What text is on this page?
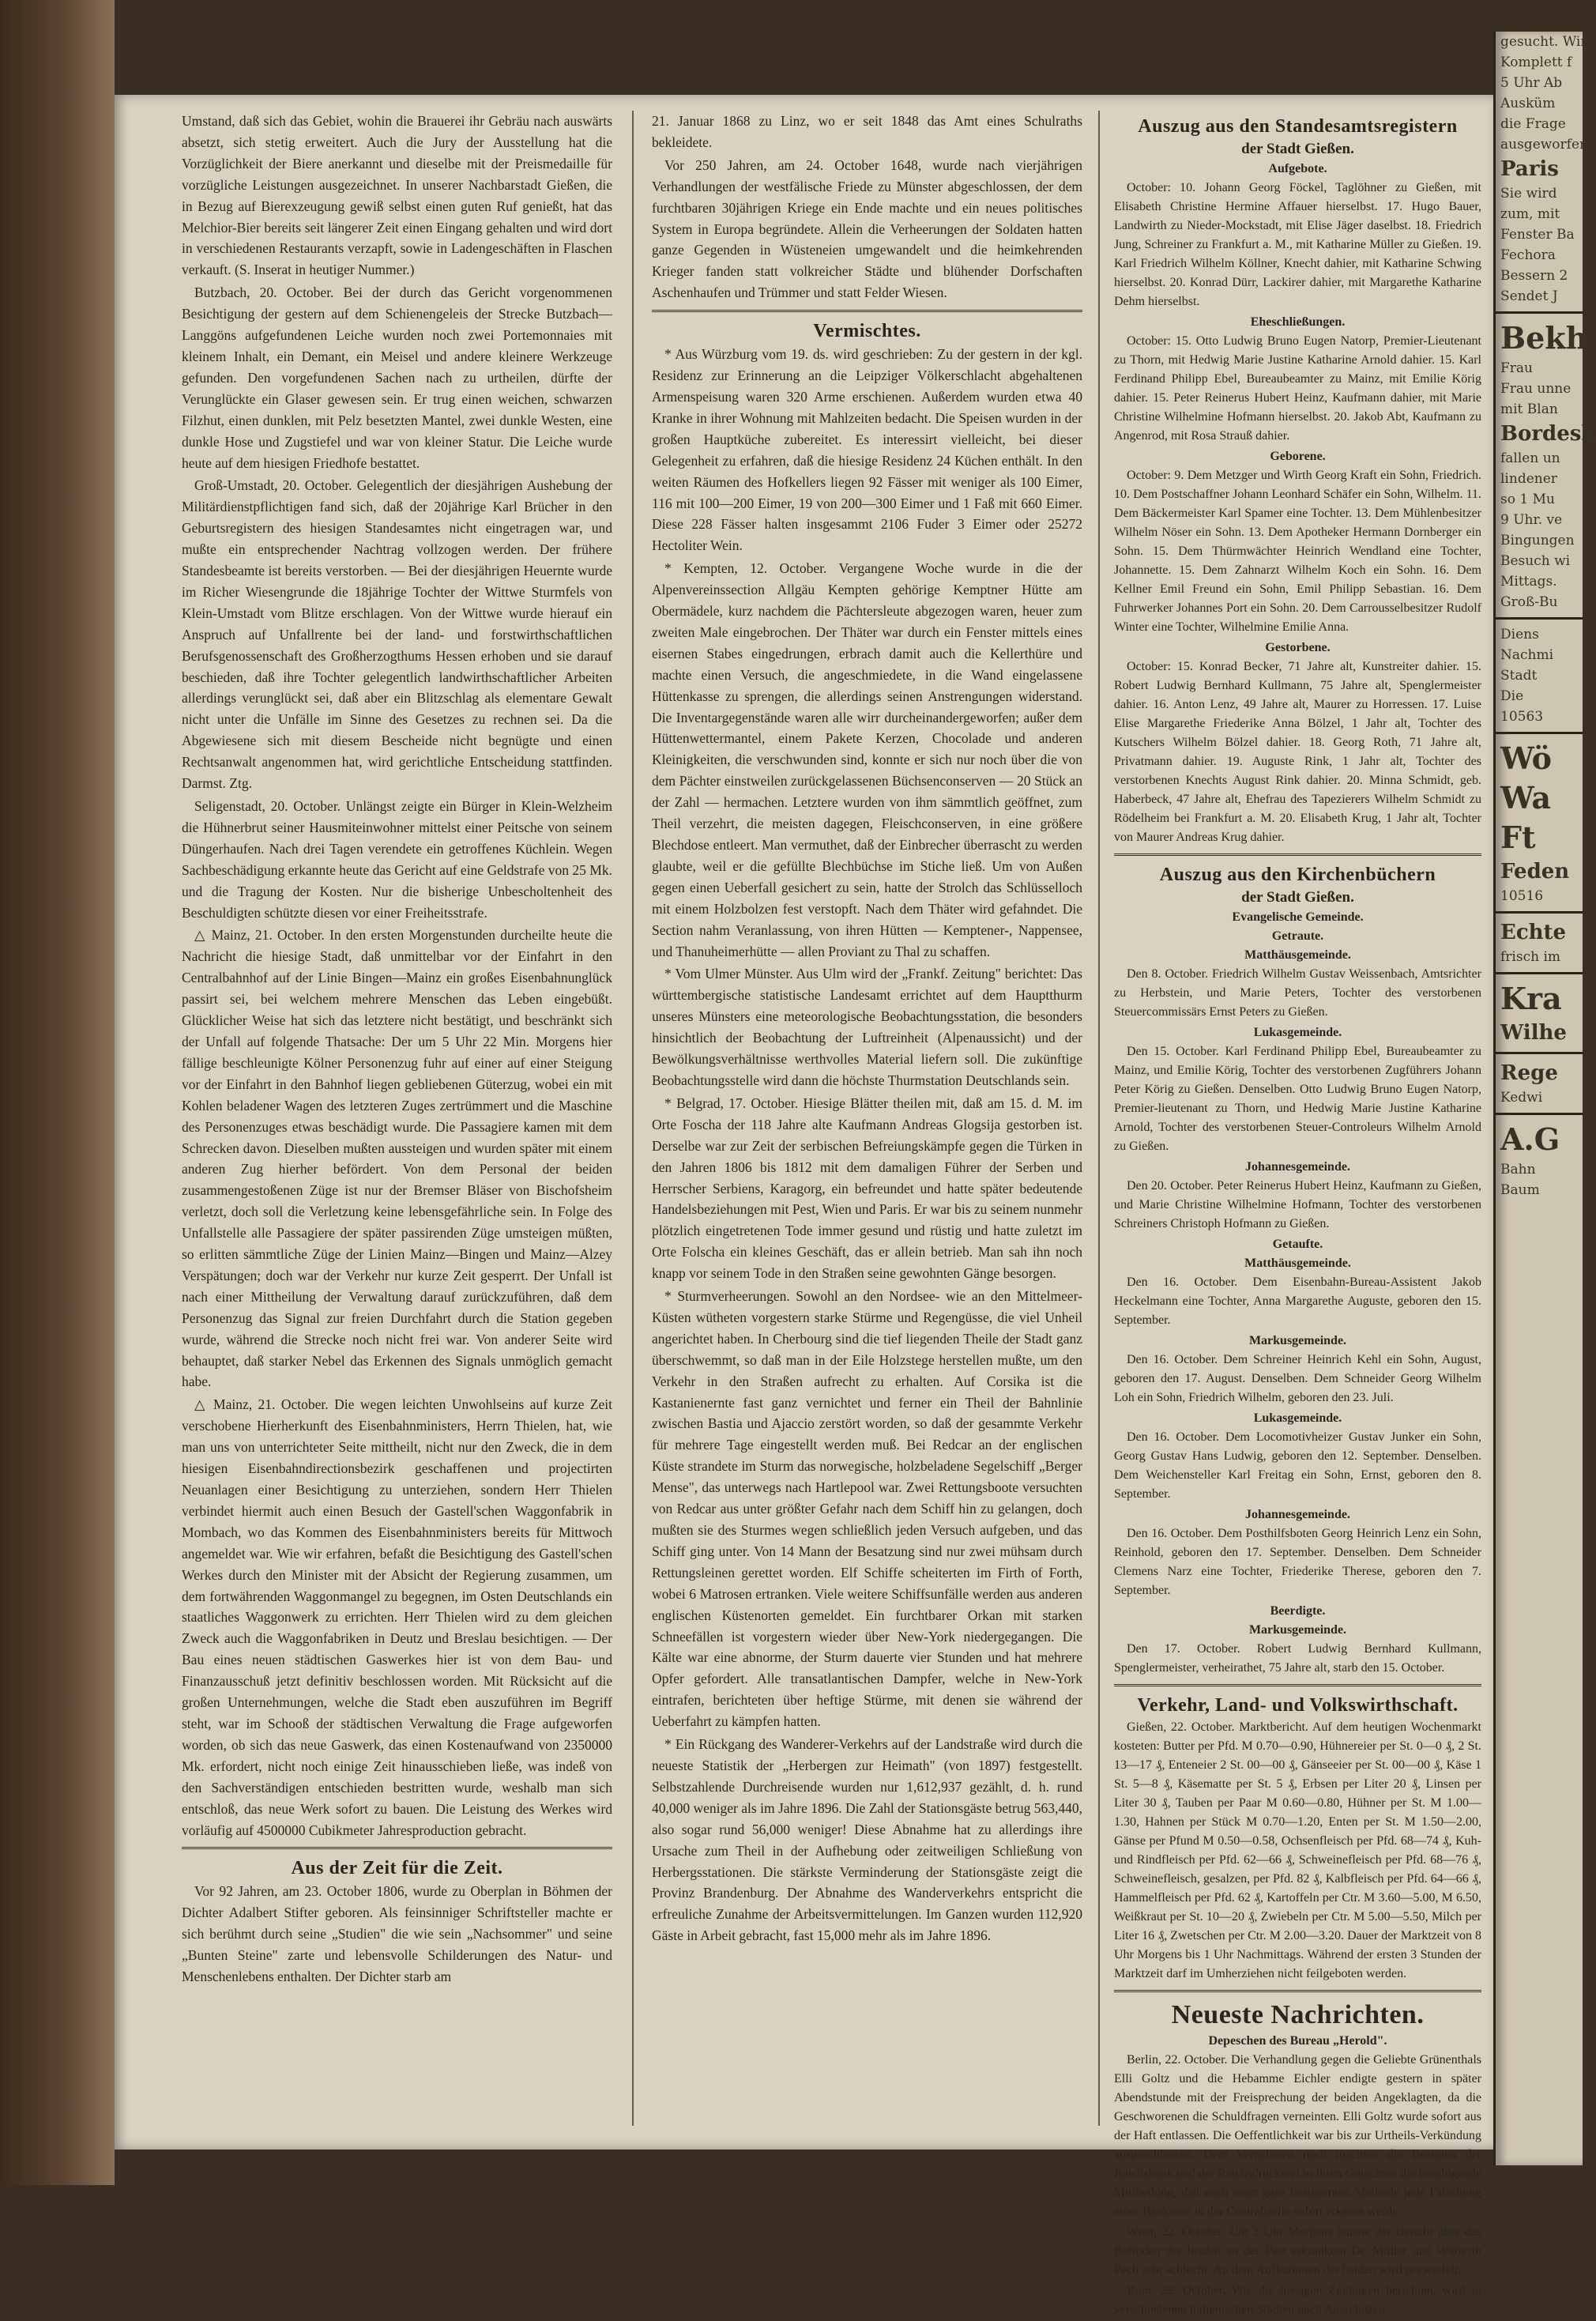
Umstand, daß sich das Gebiet, wohin die Brauerei ihr Gebräu nach auswärts absetzt, sich stetig erweitert. Auch die Jury der Ausstellung hat die Vorzüglichkeit der Biere anerkannt und dieselbe mit der Preismedaille für vorzügliche Leistungen ausgezeichnet. In unserer Nachbarstadt Gießen, die in Bezug auf Bierexzeugung gewiß selbst einen guten Ruf genießt, hat das Melchior-Bier bereits seit längerer Zeit einen Eingang gehalten und wird dort in verschiedenen Restaurants verzapft, sowie in Ladengeschäften in Flaschen verkauft. (S. Inserat in heutiger Nummer.)

Butzbach, 20. October. Bei der durch das Gericht vorgenommenen Besichtigung der gestern auf dem Schienengeleis der Strecke Butzbach—Langgöns aufgefundenen Leiche wurden noch zwei Portemonnaies mit kleinem Inhalt, ein Demant, ein Meisel und andere kleinere Werkzeuge gefunden. Den vorgefundenen Sachen nach zu urtheilen, dürfte der Verunglückte ein Glaser gewesen sein. Er trug einen weichen, schwarzen Filzhut, einen dunklen, mit Pelz besetzten Mantel, zwei dunkle Westen, eine dunkle Hose und Zugstiefel und war von kleiner Statur. Die Leiche wurde heute auf dem hiesigen Friedhofe bestattet.

Groß-Umstadt, 20. October. Gelegentlich der diesjährigen Aushebung der Militärdienstpflichtigen fand sich, daß der 20jährige Karl Brücher in den Geburtsregistern des hiesigen Standesamtes nicht eingetragen war, und mußte ein entsprechender Nachtrag vollzogen werden. Der frühere Standesbeamte ist bereits verstorben. — Bei der diesjährigen Heuernte wurde im Richer Wiesengrunde die 18jährige Tochter der Wittwe Sturmfels von Klein-Umstadt vom Blitze erschlagen. Von der Wittwe wurde hierauf ein Anspruch auf Unfallrente bei der land- und forstwirthschaftlichen Berufsgenossenschaft des Großherzogthums Hessen erhoben und sie darauf beschieden, daß ihre Tochter gelegentlich landwirthschaftlicher Arbeiten allerdings verunglückt sei, daß aber ein Blitzschlag als elementare Gewalt nicht unter die Unfälle im Sinne des Gesetzes zu rechnen sei. Da die Abgewiesene sich mit diesem Bescheide nicht begnügte und einen Rechtsanwalt angenommen hat, wird gerichtliche Entscheidung stattfinden. Darmst. Ztg.

Seligenstadt, 20. October. Unlängst zeigte ein Bürger in Klein-Welzheim die Hühnerbrut seiner Hausmiteinwohner mittelst einer Peitsche von seinem Düngerhaufen. Nach drei Tagen verendete ein getroffenes Küchlein. Wegen Sachbeschädigung erkannte heute das Gericht auf eine Geldstrafe von 25 Mk. und die Tragung der Kosten. Nur die bisherige Unbescholtenheit des Beschuldigten schützte diesen vor einer Freiheitsstrafe.

△ Mainz, 21. October. In den ersten Morgenstunden durcheilte heute die Nachricht die hiesige Stadt, daß unmittelbar vor der Einfahrt in den Centralbahnhof auf der Linie Bingen—Mainz ein großes Eisenbahnunglück passirt sei, bei welchem mehrere Menschen das Leben eingebüßt. Glücklicher Weise hat sich das letztere nicht bestätigt, und beschränkt sich der Unfall auf folgende Thatsache: Der um 5 Uhr 22 Min. Morgens hier fällige beschleunigte Kölner Personenzug fuhr auf einer auf einer Steigung vor der Einfahrt in den Bahnhof liegen gebliebenen Güterzug, wobei ein mit Kohlen beladener Wagen des letzteren Zuges zertrümmert und die Maschine des Personenzuges etwas beschädigt wurde. Die Passagiere kamen mit dem Schrecken davon. Dieselben mußten aussteigen und wurden später mit einem anderen Zug hierher befördert. Von dem Personal der beiden zusammengestoßenen Züge ist nur der Bremser Bläser von Bischofsheim verletzt, doch soll die Verletzung keine lebensgefährliche sein. In Folge des Unfallstelle alle Passagiere der später passirenden Züge umsteigen müßten, so erlitten sämmtliche Züge der Linien Mainz—Bingen und Mainz—Alzey Verspätungen; doch war der Verkehr nur kurze Zeit gesperrt. Der Unfall ist nach einer Mittheilung der Verwaltung darauf zurückzuführen, daß dem Personenzug das Signal zur freien Durchfahrt durch die Station gegeben wurde, während die Strecke noch nicht frei war. Von anderer Seite wird behauptet, daß starker Nebel das Erkennen des Signals unmöglich gemacht habe.

△ Mainz, 21. October. Die wegen leichten Unwohlseins auf kurze Zeit verschobene Hierherkunft des Eisenbahnministers, Herrn Thielen, hat, wie man uns von unterrichteter Seite mittheilt, nicht nur den Zweck, die in dem hiesigen Eisenbahndirectionsbezirk geschaffenen und projectirten Neuanlagen einer Besichtigung zu unterziehen, sondern Herr Thielen verbindet hiermit auch einen Besuch der Gastell'schen Waggonfabrik in Mombach, wo das Kommen des Eisenbahnministers bereits für Mittwoch angemeldet war. Wie wir erfahren, befaßt die Besichtigung des Gastell'schen Werkes durch den Minister mit der Absicht der Regierung zusammen, um dem fortwährenden Waggonmangel zu begegnen, im Osten Deutschlands ein staatliches Waggonwerk zu errichten. Herr Thielen wird zu dem gleichen Zweck auch die Waggonfabriken in Deutz und Breslau besichtigen. — Der Bau eines neuen städtischen Gaswerkes hier ist von dem Bau- und Finanzausschuß jetzt definitiv beschlossen worden. Mit Rücksicht auf die großen Unternehmungen, welche die Stadt eben auszuführen im Begriff steht, war im Schooß der städtischen Verwaltung die Frage aufgeworfen worden, ob sich das neue Gaswerk, das einen Kostenaufwand von 2350000 Mk. erfordert, nicht noch einige Zeit hinausschieben ließe, was indeß von den Sachverständigen entschieden bestritten wurde, weshalb man sich entschloß, das neue Werk sofort zu bauen. Die Leistung des Werkes wird vorläufig auf 4500000 Cubikmeter Jahresproduction gebracht.

Aus der Zeit für die Zeit.

Vor 92 Jahren, am 23. October 1806, wurde zu Oberplan in Böhmen der Dichter Adalbert Stifter geboren. Als feinsinniger Schriftsteller machte er sich berühmt durch seine „Studien" die wie sein „Nachsommer" und seine „Bunten Steine" zarte und lebensvolle Schilderungen des Natur- und Menschenlebens enthalten. Der Dichter starb am

21. Januar 1868 zu Linz, wo er seit 1848 das Amt eines Schulraths bekleidete.

Vor 250 Jahren, am 24. October 1648, wurde nach vierjährigen Verhandlungen der westfälische Friede zu Münster abgeschlossen, der dem furchtbaren 30jährigen Kriege ein Ende machte und ein neues politisches System in Europa begründete. Allein die Verheerungen der Soldaten hatten ganze Gegenden in Wüsteneien umgewandelt und die heimkehrenden Krieger fanden statt volkreicher Städte und blühender Dorfschaften Aschenhaufen und Trümmer und statt Felder Wiesen.

Vermischtes.

* Aus Würzburg vom 19. ds. wird geschrieben: Zu der gestern in der kgl. Residenz zur Erinnerung an die Leipziger Völkerschlacht abgehaltenen Armenspeisung waren 320 Arme erschienen. Außerdem wurden etwa 40 Kranke in ihrer Wohnung mit Mahlzeiten bedacht. Die Speisen wurden in der großen Hauptküche zubereitet. Es interessirt vielleicht, bei dieser Gelegenheit zu erfahren, daß die hiesige Residenz 24 Küchen enthält. In den weiten Räumen des Hofkellers liegen 92 Fässer mit weniger als 100 Eimer, 116 mit 100—200 Eimer, 19 von 200—300 Eimer und 1 Faß mit 660 Eimer. Diese 228 Fässer halten insgesammt 2106 Fuder 3 Eimer oder 25272 Hectoliter Wein.

* Kempten, 12. October. Vergangene Woche wurde in die der Alpenvereinssection Allgäu Kempten gehörige Kemptner Hütte am Obermädele, kurz nachdem die Pächtersleute abgezogen waren, heuer zum zweiten Male eingebrochen. Der Thäter war durch ein Fenster mittels eines eisernen Stabes eingedrungen, erbrach damit auch die Kellerthüre und machte einen Versuch, die angeschmiedete, in die Wand eingelassene Hüttenkasse zu sprengen, die allerdings seinen Anstrengungen widerstand. Die Inventargegenstände waren alle wirr durcheinandergeworfen; außer dem Hüttenwettermantel, einem Pakete Kerzen, Chocolade und anderen Kleinigkeiten, die verschwunden sind, konnte er sich nur noch über die von dem Pächter einstweilen zurückgelassenen Büchsenconserven — 20 Stück an der Zahl — hermachen. Letztere wurden von ihm sämmtlich geöffnet, zum Theil verzehrt, die meisten dagegen, Fleischconserven, in eine größere Blechdose entleert. Man vermuthet, daß der Einbrecher überrascht zu werden glaubte, weil er die gefüllte Blechbüchse im Stiche ließ. Um von Außen gegen einen Ueberfall gesichert zu sein, hatte der Strolch das Schlüsselloch mit einem Holzbolzen fest verstopft. Nach dem Thäter wird gefahndet. Die Section nahm Veranlassung, von ihren Hütten — Kemptener-, Nappensee, und Thanuheimerhütte — allen Proviant zu Thal zu schaffen.

* Vom Ulmer Münster. Aus Ulm wird der „Frankf. Zeitung" berichtet: Das württembergische statistische Landesamt errichtet auf dem Hauptthurm unseres Münsters eine meteorologische Beobachtungsstation, die besonders hinsichtlich der Beobachtung der Luftreinheit (Alpenaussicht) und der Bewölkungsverhältnisse werthvolles Material liefern soll. Die zukünftige Beobachtungsstelle wird dann die höchste Thurmstation Deutschlands sein.

* Belgrad, 17. October. Hiesige Blätter theilen mit, daß am 15. d. M. im Orte Foscha der 118 Jahre alte Kaufmann Andreas Glogsija gestorben ist. Derselbe war zur Zeit der serbischen Befreiungskämpfe gegen die Türken in den Jahren 1806 bis 1812 mit dem damaligen Führer der Serben und Herrscher Serbiens, Karagorg, ein befreundet und hatte später bedeutende Handelsbeziehungen mit Pest, Wien und Paris. Er war bis zu seinem nunmehr plötzlich eingetretenen Tode immer gesund und rüstig und hatte zuletzt im Orte Folscha ein kleines Geschäft, das er allein betrieb. Man sah ihn noch knapp vor seinem Tode in den Straßen seine gewohnten Gänge besorgen.

* Sturmverheerungen. Sowohl an den Nordsee- wie an den Mittelmeer-Küsten wütheten vorgestern starke Stürme und Regengüsse, die viel Unheil angerichtet haben. In Cherbourg sind die tief liegenden Theile der Stadt ganz überschwemmt, so daß man in der Eile Holzstege herstellen mußte, um den Verkehr in den Straßen aufrecht zu erhalten. Auf Corsika ist die Kastanienernte fast ganz vernichtet und ferner ein Theil der Bahnlinie zwischen Bastia und Ajaccio zerstört worden, so daß der gesammte Verkehr für mehrere Tage eingestellt werden muß. Bei Redcar an der englischen Küste strandete im Sturm das norwegische, holzbeladene Segelschiff „Berger Mense", das unterwegs nach Hartlepool war. Zwei Rettungsboote versuchten von Redcar aus unter größter Gefahr nach dem Schiff hin zu gelangen, doch mußten sie des Sturmes wegen schließlich jeden Versuch aufgeben, und das Schiff ging unter. Von 14 Mann der Besatzung sind nur zwei mühsam durch Rettungsleinen gerettet worden. Elf Schiffe scheiterten im Firth of Forth, wobei 6 Matrosen ertranken. Viele weitere Schiffsunfälle werden aus anderen englischen Küstenorten gemeldet. Ein furchtbarer Orkan mit starken Schneefällen ist vorgestern wieder über New-York niedergegangen. Die Kälte war eine abnorme, der Sturm dauerte vier Stunden und hat mehrere Opfer gefordert. Alle transatlantischen Dampfer, welche in New-York eintrafen, berichteten über heftige Stürme, mit denen sie während der Ueberfahrt zu kämpfen hatten.

* Ein Rückgang des Wanderer-Verkehrs auf der Landstraße wird durch die neueste Statistik der „Herbergen zur Heimath" (von 1897) festgestellt. Selbstzahlende Durchreisende wurden nur 1,612,937 gezählt, d. h. rund 40,000 weniger als im Jahre 1896. Die Zahl der Stationsgäste betrug 563,440, also sogar rund 56,000 weniger! Diese Abnahme hat zu allerdings ihre Ursache zum Theil in der Aufhebung oder zeitweiligen Schließung von Herbergsstationen. Die stärkste Verminderung der Stationsgäste zeigt die Provinz Brandenburg. Der Abnahme des Wanderverkehrs entspricht die erfreuliche Zunahme der Arbeitsvermittelungen. Im Ganzen wurden 112,920 Gäste in Arbeit gebracht, fast 15,000 mehr als im Jahre 1896.

Auszug aus den Standesamtsregistern
der Stadt Gießen.
Aufgebote.

October: 10. Johann Georg Föckel, Taglöhner zu Gießen, mit Elisabeth Christine Hermine Affauer hierselbst. 17. Hugo Bauer, Landwirth zu Nieder-Mockstadt, mit Elise Jäger daselbst. 18. Friedrich Jung, Schreiner zu Frankfurt a. M., mit Katharine Müller zu Gießen. 19. Karl Friedrich Wilhelm Köllner, Knecht dahier, mit Katharine Schwing hierselbst. 20. Konrad Dürr, Lackirer dahier, mit Margarethe Katharine Dehm hierselbst.

Eheschließungen.

October: 15. Otto Ludwig Bruno Eugen Natorp, Premier-Lieutenant zu Thorn, mit Hedwig Marie Justine Katharine Arnold dahier. 15. Karl Ferdinand Philipp Ebel, Bureaubeamter zu Mainz, mit Emilie Körig dahier. 15. Peter Reinerus Hubert Heinz, Kaufmann dahier, mit Marie Christine Wilhelmine Hofmann hierselbst. 20. Jakob Abt, Kaufmann zu Angenrod, mit Rosa Strauß dahier.

Geborene.

October: 9. Dem Metzger und Wirth Georg Kraft ein Sohn, Friedrich. 10. Dem Postschaffner Johann Leonhard Schäfer ein Sohn, Wilhelm. 11. Dem Bäckermeister Karl Spamer eine Tochter. 13. Dem Mühlenbesitzer Wilhelm Nöser ein Sohn. 13. Dem Apotheker Hermann Dornberger ein Sohn. 15. Dem Thürmwächter Heinrich Wendland eine Tochter, Johannette. 15. Dem Zahnarzt Wilhelm Koch ein Sohn. 16. Dem Kellner Emil Freund ein Sohn, Emil Philipp Sebastian. 16. Dem Fuhrwerker Johannes Port ein Sohn. 20. Dem Carrousselbesitzer Rudolf Winter eine Tochter, Wilhelmine Emilie Anna.

Gestorbene.

October: 15. Konrad Becker, 71 Jahre alt, Kunstreiter dahier. 15. Robert Ludwig Bernhard Kullmann, 75 Jahre alt, Spenglermeister dahier. 16. Anton Lenz, 49 Jahre alt, Maurer zu Horressen. 17. Luise Elise Margarethe Friederike Anna Bölzel, 1 Jahr alt, Tochter des Kutschers Wilhelm Bölzel dahier. 18. Georg Roth, 71 Jahre alt, Privatmann dahier. 19. Auguste Rink, 1 Jahr alt, Tochter des verstorbenen Knechts August Rink dahier. 20. Minna Schmidt, geb. Haberbeck, 47 Jahre alt, Ehefrau des Tapezierers Wilhelm Schmidt zu Rödelheim bei Frankfurt a. M. 20. Elisabeth Krug, 1 Jahr alt, Tochter von Maurer Andreas Krug dahier.

Auszug aus den Kirchenbüchern
der Stadt Gießen.
Evangelische Gemeinde.
Getraute.
Matthäusgemeinde.

Den 8. October. Friedrich Wilhelm Gustav Weissenbach, Amtsrichter zu Herbstein, und Marie Peters, Tochter des verstorbenen Steuercommissärs Ernst Peters zu Gießen.

Lukasgemeinde.

Den 15. October. Karl Ferdinand Philipp Ebel, Bureaubeamter zu Mainz, und Emilie Körig, Tochter des verstorbenen Zugführers Johann Peter Körig zu Gießen. Denselben. Otto Ludwig Bruno Eugen Natorp, Premier-lieutenant zu Thorn, und Hedwig Marie Justine Katharine Arnold, Tochter des verstorbenen Steuer-Controleurs Wilhelm Arnold zu Gießen.

Johannesgemeinde.

Den 20. October. Peter Reinerus Hubert Heinz, Kaufmann zu Gießen, und Marie Christine Wilhelmine Hofmann, Tochter des verstorbenen Schreiners Christoph Hofmann zu Gießen.

Getaufte.
Matthäusgemeinde.

Den 16. October. Dem Eisenbahn-Bureau-Assistent Jakob Heckelmann eine Tochter, Anna Margarethe Auguste, geboren den 15. September.

Markusgemeinde.

Den 16. October. Dem Schreiner Heinrich Kehl ein Sohn, August, geboren den 17. August. Denselben. Dem Schneider Georg Wilhelm Loh ein Sohn, Friedrich Wilhelm, geboren den 23. Juli.

Lukasgemeinde.

Den 16. October. Dem Locomotivheizer Gustav Junker ein Sohn, Georg Gustav Hans Ludwig, geboren den 12. September. Denselben. Dem Weichensteller Karl Freitag ein Sohn, Ernst, geboren den 8. September.

Johannesgemeinde.

Den 16. October. Dem Posthilfsboten Georg Heinrich Lenz ein Sohn, Reinhold, geboren den 17. September. Denselben. Dem Schneider Clemens Narz eine Tochter, Friederike Therese, geboren den 7. September.

Beerdigte.
Markusgemeinde.

Den 17. October. Robert Ludwig Bernhard Kullmann, Spenglermeister, verheirathet, 75 Jahre alt, starb den 15. October.

Verkehr, Land- und Volkswirthschaft.

Gießen, 22. October. Marktbericht. Auf dem heutigen Wochenmarkt kosteten: Butter per Pfd. M 0.70—0.90, Hühnereier per St. 0—0 ₰, 2 St. 13—17 ₰, Enteneier 2 St. 00—00 ₰, Gänseeier per St. 00—00 ₰, Käse 1 St. 5—8 ₰, Käsematte per St. 5 ₰, Erbsen per Liter 20 ₰, Linsen per Liter 30 ₰, Tauben per Paar M 0.60—0.80, Hühner per St. M 1.00—1.30, Hahnen per Stück M 0.70—1.20, Enten per St. M 1.50—2.00, Gänse per Pfund M 0.50—0.58, Ochsenfleisch per Pfd. 68—74 ₰, Kuh- und Rindfleisch per Pfd. 62—66 ₰, Schweinefleisch per Pfd. 68—76 ₰, Schweinefleisch, gesalzen, per Pfd. 82 ₰, Kalbfleisch per Pfd. 64—66 ₰, Hammelfleisch per Pfd. 62 ₰, Kartoffeln per Ctr. M 3.60—5.00, M 6.50, Weißkraut per St. 10—20 ₰, Zwiebeln per Ctr. M 5.00—5.50, Milch per Liter 16 ₰, Zwetschen per Ctr. M 2.00—3.20. Dauer der Marktzeit von 8 Uhr Morgens bis 1 Uhr Nachmittags. Während der ersten 3 Stunden der Marktzeit darf im Umherziehen nicht feilgeboten werden.

Neueste Nachrichten.
Depeschen des Bureau „Herold".

Berlin, 22. October. Die Verhandlung gegen die Geliebte Grünenthals Elli Goltz und die Hebamme Eichler endigte gestern in später Abendstunde mit der Freisprechung der beiden Angeklagten, da die Geschworenen die Schuldfragen verneinten. Elli Goltz wurde sofort aus der Haft entlassen. Die Oeffentlichkeit war bis zur Urtheils-Verkündung ausgeschlossen. Dem Vernehmen nach machten die Beamten der Reichsbank und der Reichsdruckerei in ihren Gutachten die beruhigende Mittheilung, daß nach einer ganz bestimmten Methode jede Fälschung einer Banknote in der Centralstelle sofort erkannt werde.

Wien, 22. October. Um 3 Uhr Morgens lautete der Bericht über das Befinden der beiden an der Pest erkrankten Dr. Müller und Wärterin Pech sehr schlecht. An dem Aufkommen der beiden wird gezweifelt.

Rom, 22. October. Wie die hiesigen Zeitungen berichten, wird in verschiedenen italienischen Städten nach Anarchisten

gesucht. Wir
Komplett f
5 Uhr Ab
Ausküm
die Frage
ausgeworfen
Paris
Sie wird
zum, mit
Fenster Ba
Fechora
Bessern 2
Sendet J
Bekh
Frau
Frau unne
mit Blan
Bordesh
fallen un
lindener
so 1 Mu
9 Uhr. ve
Bingungen
Besuch wi
Mittags.
Groß-Bu
Diens
Nachmi
Stadt
Die
10563
Wö
Wa
Ft
Feden
10516
Echte
frisch im
Kra
Wilhe
Rege
Kedwi
A.G
Bahn
Baum
